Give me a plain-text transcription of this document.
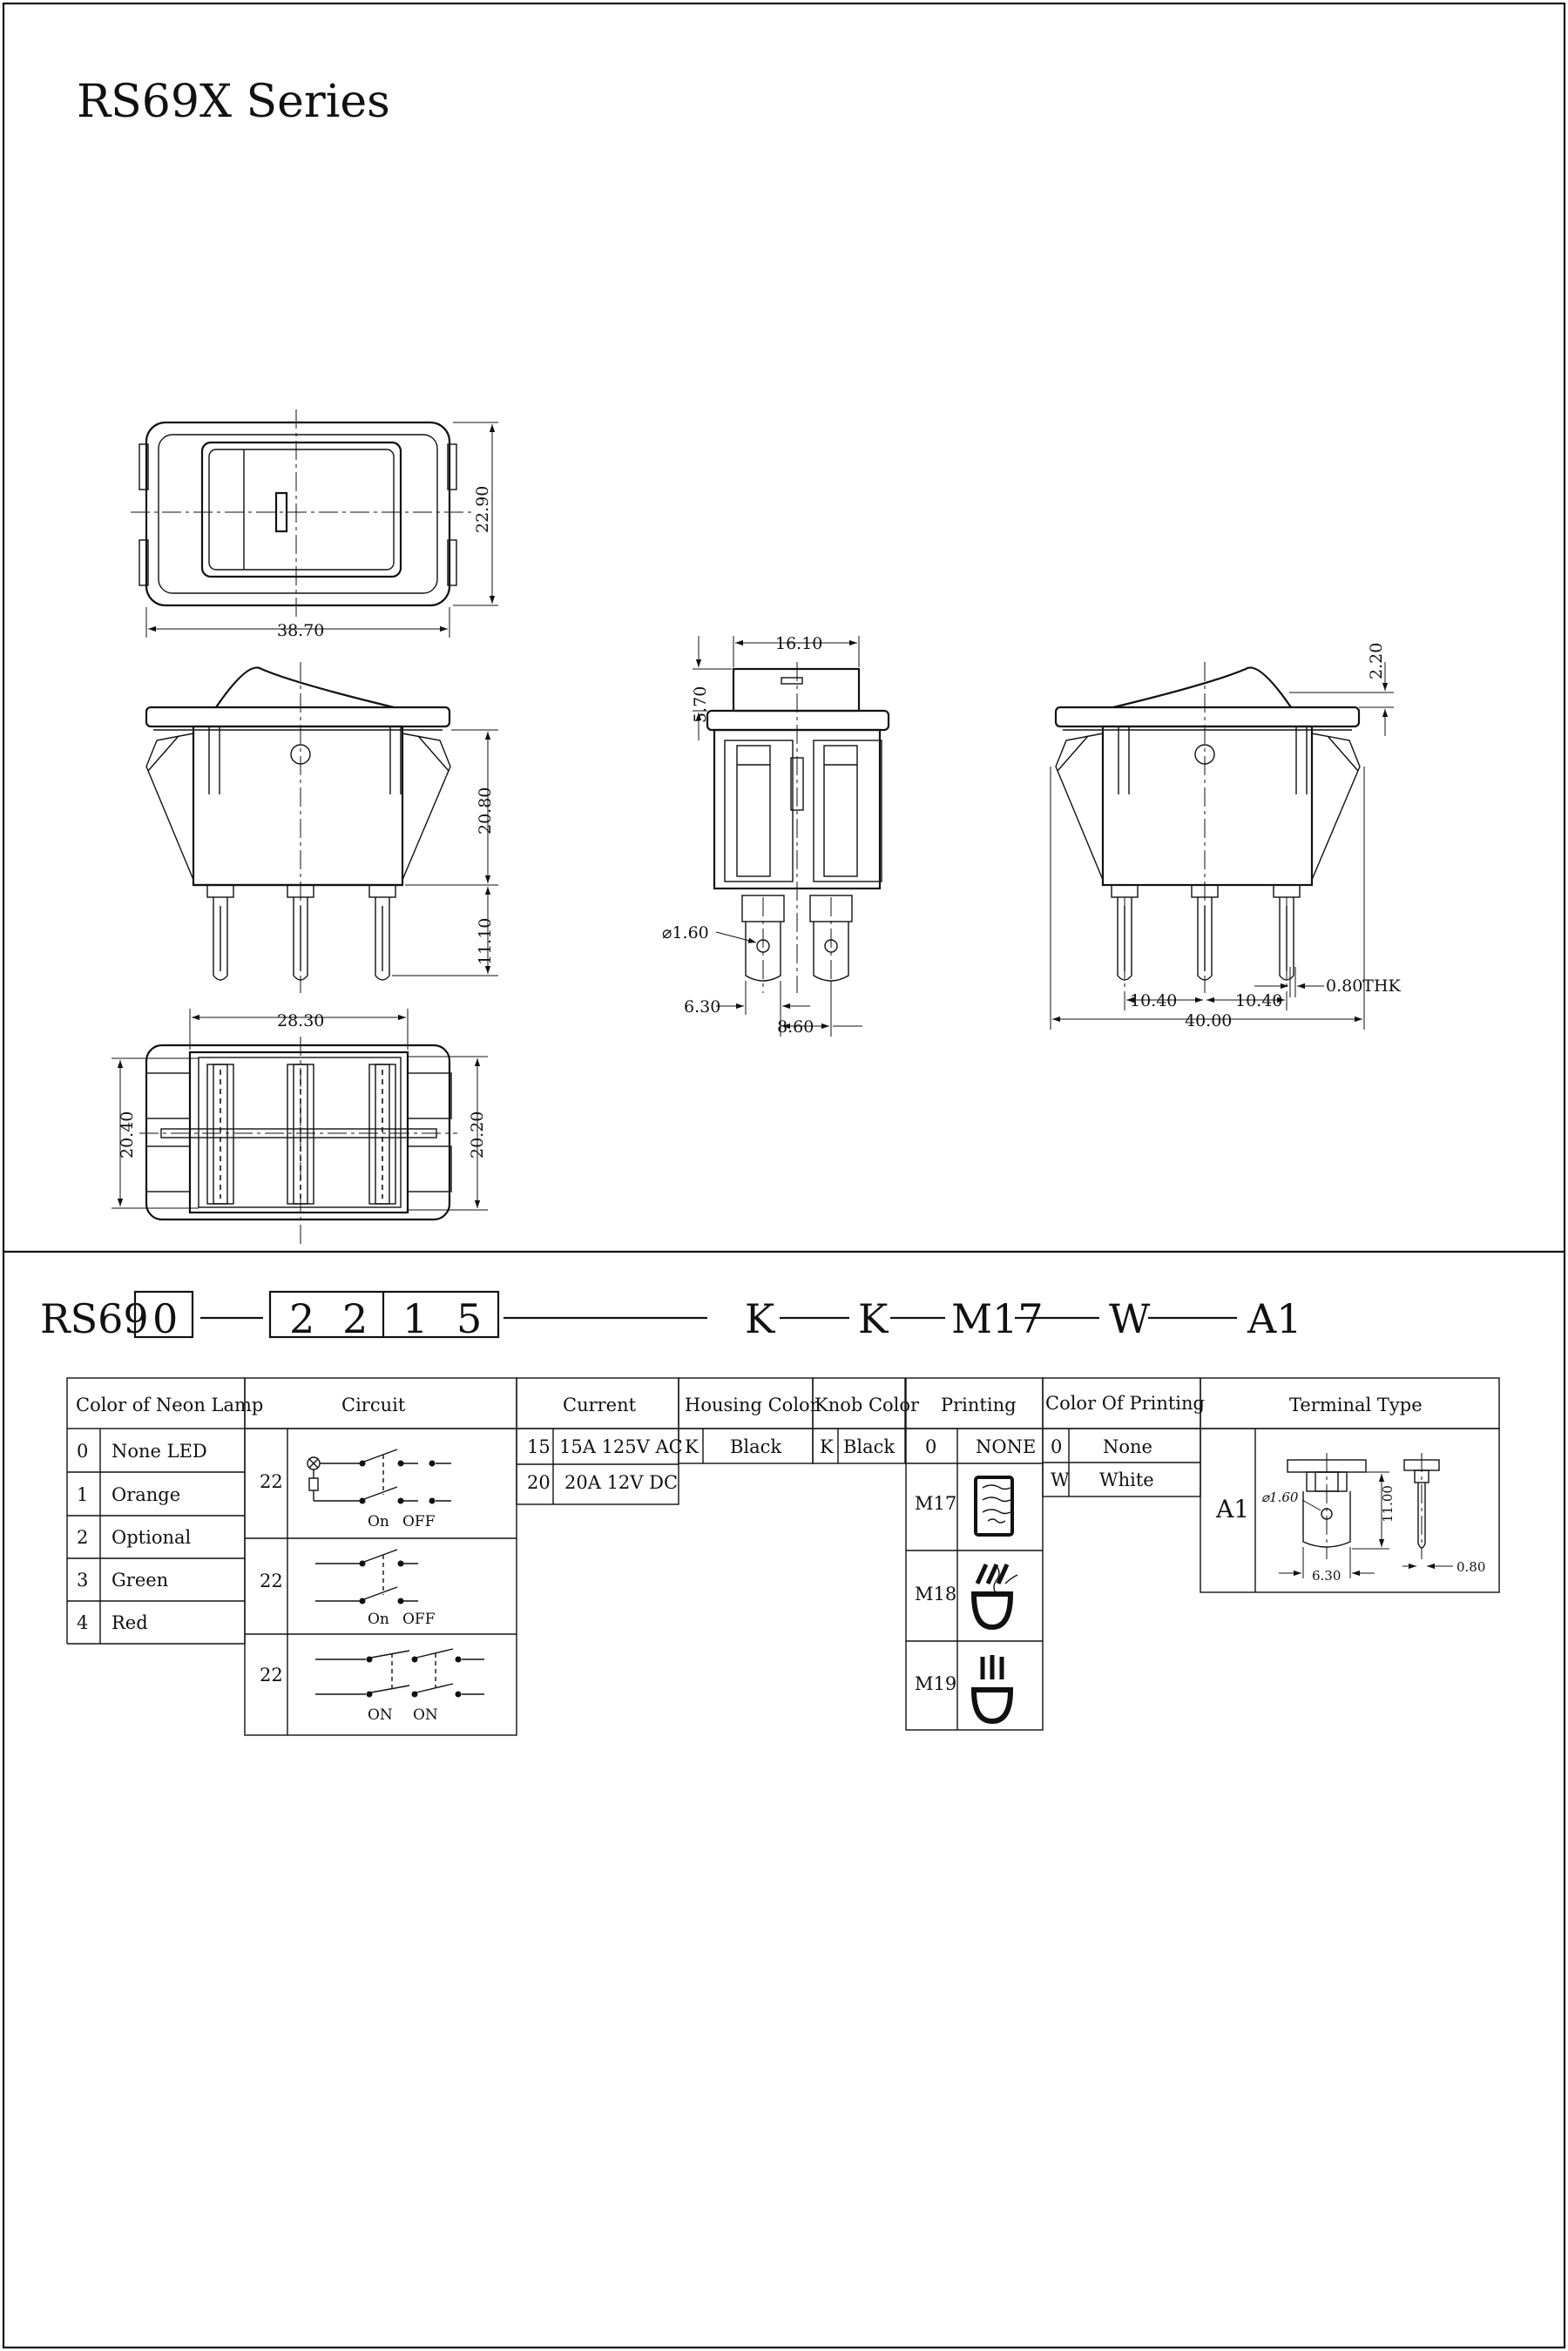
RS69X Series
22.90
38.70
20.80
11.10
28.30
20.40	20.20
16.10
5.70
⌀1.60
6.30
8.60
2.20
0.80THK
10.40	10.40
40.00
RS69 0	2 2 1 5	K K M17 W A1
Color of Neon Lamp
0 None LED
1 Orange
2 Optional
3 Green
4 Red
Circuit
22
22
22
On OFF
On OFF
ON ON
Current
15 15A 125V AC
20 20A 12V DC
Housing Color
K Black
Knob Color
K Black
Printing
0 NONE
M17
M18
M19
Color Of Printing
0 None
W White
Terminal Type
A1 ⌀1.60
6.30
11.00
0.80
